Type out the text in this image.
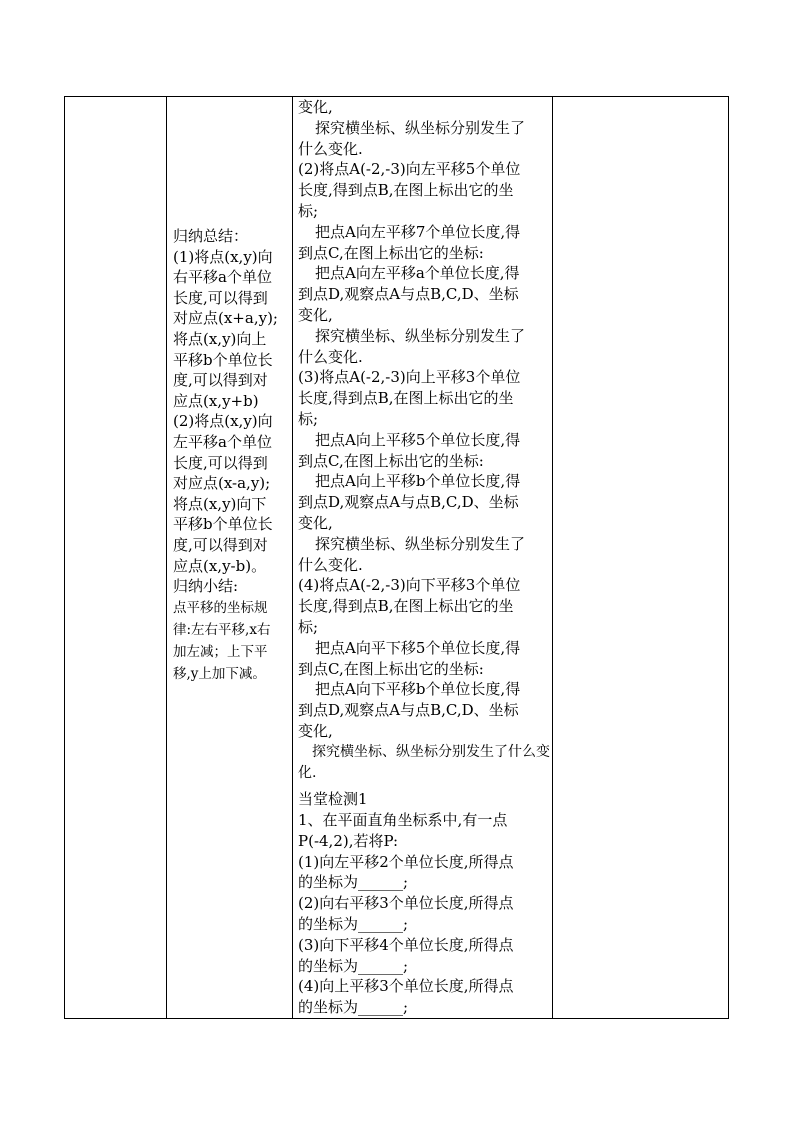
归纳总结：
(1)将点(x,y)向
右平移a个单位
长度,可以得到
对应点(x+a,y);
将点(x,y)向上
平移b个单位长
度,可以得到对
应点(x,y+b)
(2)将点(x,y)向
左平移a个单位
长度,可以得到
对应点(x-a,y);
将点(x,y)向下
平移b个单位长
度,可以得到对
应点(x,y-b)。
归纳小结:
点平移的坐标规
律:左右平移,x右
加左减；上下平
移,y上加下减。
变化,
探究横坐标、纵坐标分别发生了
什么变化.
(2)将点A(-2,-3)向左平移5个单位
长度,得到点B,在图上标出它的坐
标;
把点A向左平移7个单位长度,得
到点C,在图上标出它的坐标:
把点A向左平移a个单位长度,得
到点D,观察点A与点B,C,D、坐标
变化,
探究横坐标、纵坐标分别发生了
什么变化.
(3)将点A(-2,-3)向上平移3个单位
长度,得到点B,在图上标出它的坐
标;
把点A向上平移5个单位长度,得
到点C,在图上标出它的坐标:
把点A向上平移b个单位长度,得
到点D,观察点A与点B,C,D、坐标
变化,
探究横坐标、纵坐标分别发生了
什么变化.
(4)将点A(-2,-3)向下平移3个单位
长度,得到点B,在图上标出它的坐
标;
把点A向平下移5个单位长度,得
到点C,在图上标出它的坐标:
把点A向下平移b个单位长度,得
到点D,观察点A与点B,C,D、坐标
变化,
探究横坐标、纵坐标分别发生了什么变
化.
当堂检测1
1、在平面直角坐标系中,有一点
P(-4,2),若将P:
(1)向左平移2个单位长度,所得点
的坐标为______;
(2)向右平移3个单位长度,所得点
的坐标为______;
(3)向下平移4个单位长度,所得点
的坐标为______;
(4)向上平移3个单位长度,所得点
的坐标为______;
